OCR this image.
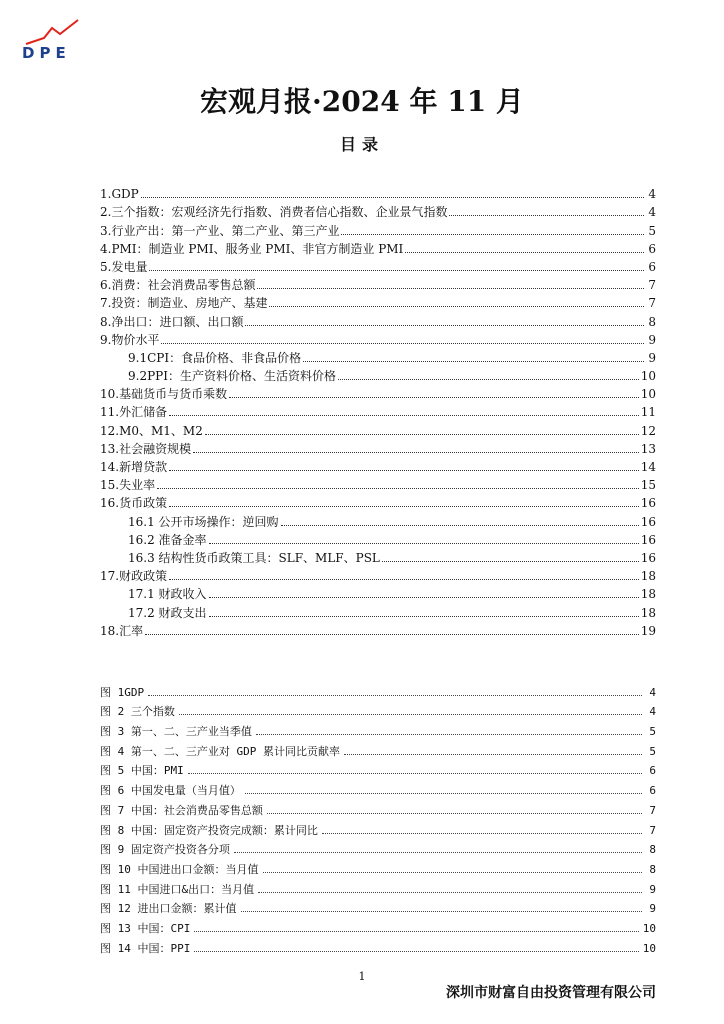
DPE
宏观月报·2024 年 11 月
目录
1.GDP	4
2.三个指数：宏观经济先行指数、消费者信心指数、企业景气指数	4
3.行业产出：第一产业、第二产业、第三产业	5
4.PMI：制造业 PMI、服务业 PMI、非官方制造业 PMI	6
5.发电量	6
6.消费：社会消费品零售总额	7
7.投资：制造业、房地产、基建	7
8.净出口：进口额、出口额	8
9.物价水平	9
9.1CPI：食品价格、非食品价格	9
9.2PPI：生产资料价格、生活资料价格	10
10.基础货币与货币乘数	10
11.外汇储备	11
12.M0、M1、M2	12
13.社会融资规模	13
14.新增贷款	14
15.失业率	15
16.货币政策	16
16.1 公开市场操作：逆回购	16
16.2 准备金率	16
16.3 结构性货币政策工具：SLF、MLF、PSL	16
17.财政政策	18
17.1 财政收入	18
17.2 财政支出	18
18.汇率	19
图 1GDP	4
图 2 三个指数	4
图 3 第一、二、三产业当季值	5
图 4 第一、二、三产业对 GDP 累计同比贡献率	5
图 5 中国：PMI	6
图 6 中国发电量（当月值）	6
图 7 中国：社会消费品零售总额	7
图 8 中国：固定资产投资完成额：累计同比	7
图 9 固定资产投资各分项	8
图 10 中国进出口金额：当月值	8
图 11 中国进口&出口：当月值	9
图 12 进出口金额：累计值	9
图 13 中国：CPI	10
图 14 中国：PPI	10
1
深圳市财富自由投资管理有限公司
